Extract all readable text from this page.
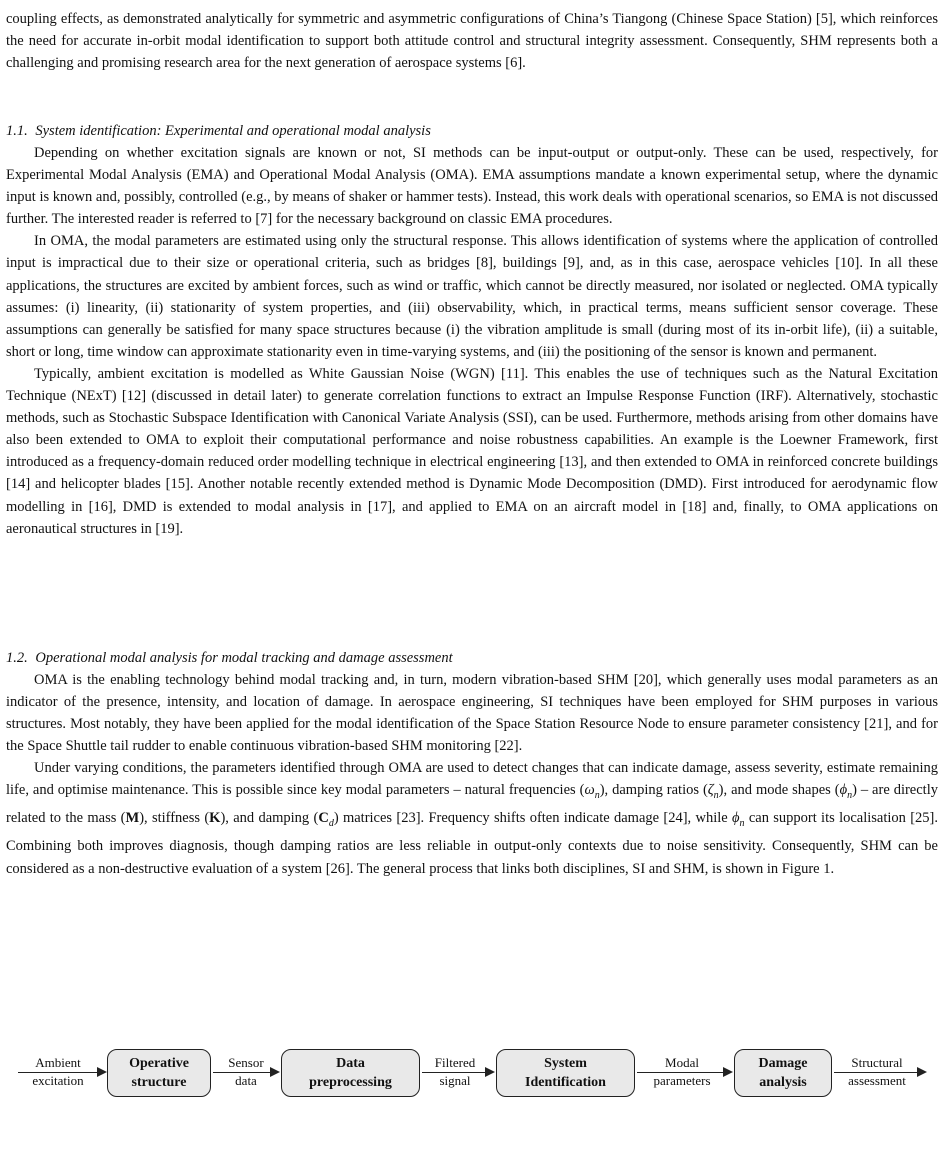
coupling effects, as demonstrated analytically for symmetric and asymmetric configurations of China’s Tiangong (Chinese Space Station) [5], which reinforces the need for accurate in-orbit modal identification to support both attitude control and structural integrity assessment. Consequently, SHM represents both a challenging and promising research area for the next generation of aerospace systems [6].

1.1. System identification: Experimental and operational modal analysis

Depending on whether excitation signals are known or not, SI methods can be input-output or output-only. These can be used, respectively, for Experimental Modal Analysis (EMA) and Operational Modal Analysis (OMA). EMA assumptions mandate a known experimental setup, where the dynamic input is known and, possibly, controlled (e.g., by means of shaker or hammer tests). Instead, this work deals with operational scenarios, so EMA is not discussed further. The interested reader is referred to [7] for the necessary background on classic EMA procedures.

In OMA, the modal parameters are estimated using only the structural response. This allows identification of systems where the application of controlled input is impractical due to their size or operational criteria, such as bridges [8], buildings [9], and, as in this case, aerospace vehicles [10]. In all these applications, the structures are excited by ambient forces, such as wind or traffic, which cannot be directly measured, nor isolated or neglected. OMA typically assumes: (i) linearity, (ii) stationarity of system properties, and (iii) observability, which, in practical terms, means sufficient sensor coverage. These assumptions can generally be satisfied for many space structures because (i) the vibration amplitude is small (during most of its in-orbit life), (ii) a suitable, short or long, time window can approximate stationarity even in time-varying systems, and (iii) the positioning of the sensor is known and permanent.

Typically, ambient excitation is modelled as White Gaussian Noise (WGN) [11]. This enables the use of techniques such as the Natural Excitation Technique (NExT) [12] (discussed in detail later) to generate correlation functions to extract an Impulse Response Function (IRF). Alternatively, stochastic methods, such as Stochastic Subspace Identification with Canonical Variate Analysis (SSI), can be used. Furthermore, methods arising from other domains have also been extended to OMA to exploit their computational performance and noise robustness capabilities. An example is the Loewner Framework, first introduced as a frequency-domain reduced order modelling technique in electrical engineering [13], and then extended to OMA in reinforced concrete buildings [14] and helicopter blades [15]. Another notable recently extended method is Dynamic Mode Decomposition (DMD). First introduced for aerodynamic flow modelling in [16], DMD is extended to modal analysis in [17], and applied to EMA on an aircraft model in [18] and, finally, to OMA applications on aeronautical structures in [19].

1.2. Operational modal analysis for modal tracking and damage assessment

OMA is the enabling technology behind modal tracking and, in turn, modern vibration-based SHM [20], which generally uses modal parameters as an indicator of the presence, intensity, and location of damage. In aerospace engineering, SI techniques have been employed for SHM purposes in various structures. Most notably, they have been applied for the modal identification of the Space Station Resource Node to ensure parameter consistency [21], and for the Space Shuttle tail rudder to enable continuous vibration-based SHM monitoring [22].

Under varying conditions, the parameters identified through OMA are used to detect changes that can indicate damage, assess severity, estimate remaining life, and optimise maintenance. This is possible since key modal parameters – natural frequencies $(\omega_n)$, damping ratios $(\zeta_n)$, and mode shapes $(\phi_n)$ – are directly related to the mass (M), stiffness (K), and damping $(C_d)$ matrices [23]. Frequency shifts often indicate damage [24], while $\phi_n$ can support its localisation [25]. Combining both improves diagnosis, though damping ratios are less reliable in output-only contexts due to noise sensitivity. Consequently, SHM can be considered as a non-destructive evaluation of a system [26]. The general process that links both disciplines, SI and SHM, is shown in Figure 1.

Ambient
excitation
Operative
structure
Sensor
data
Data
preprocessing
Filtered
signal
System
Identification
Modal
parameters
Damage
analysis
Structural
assessment
